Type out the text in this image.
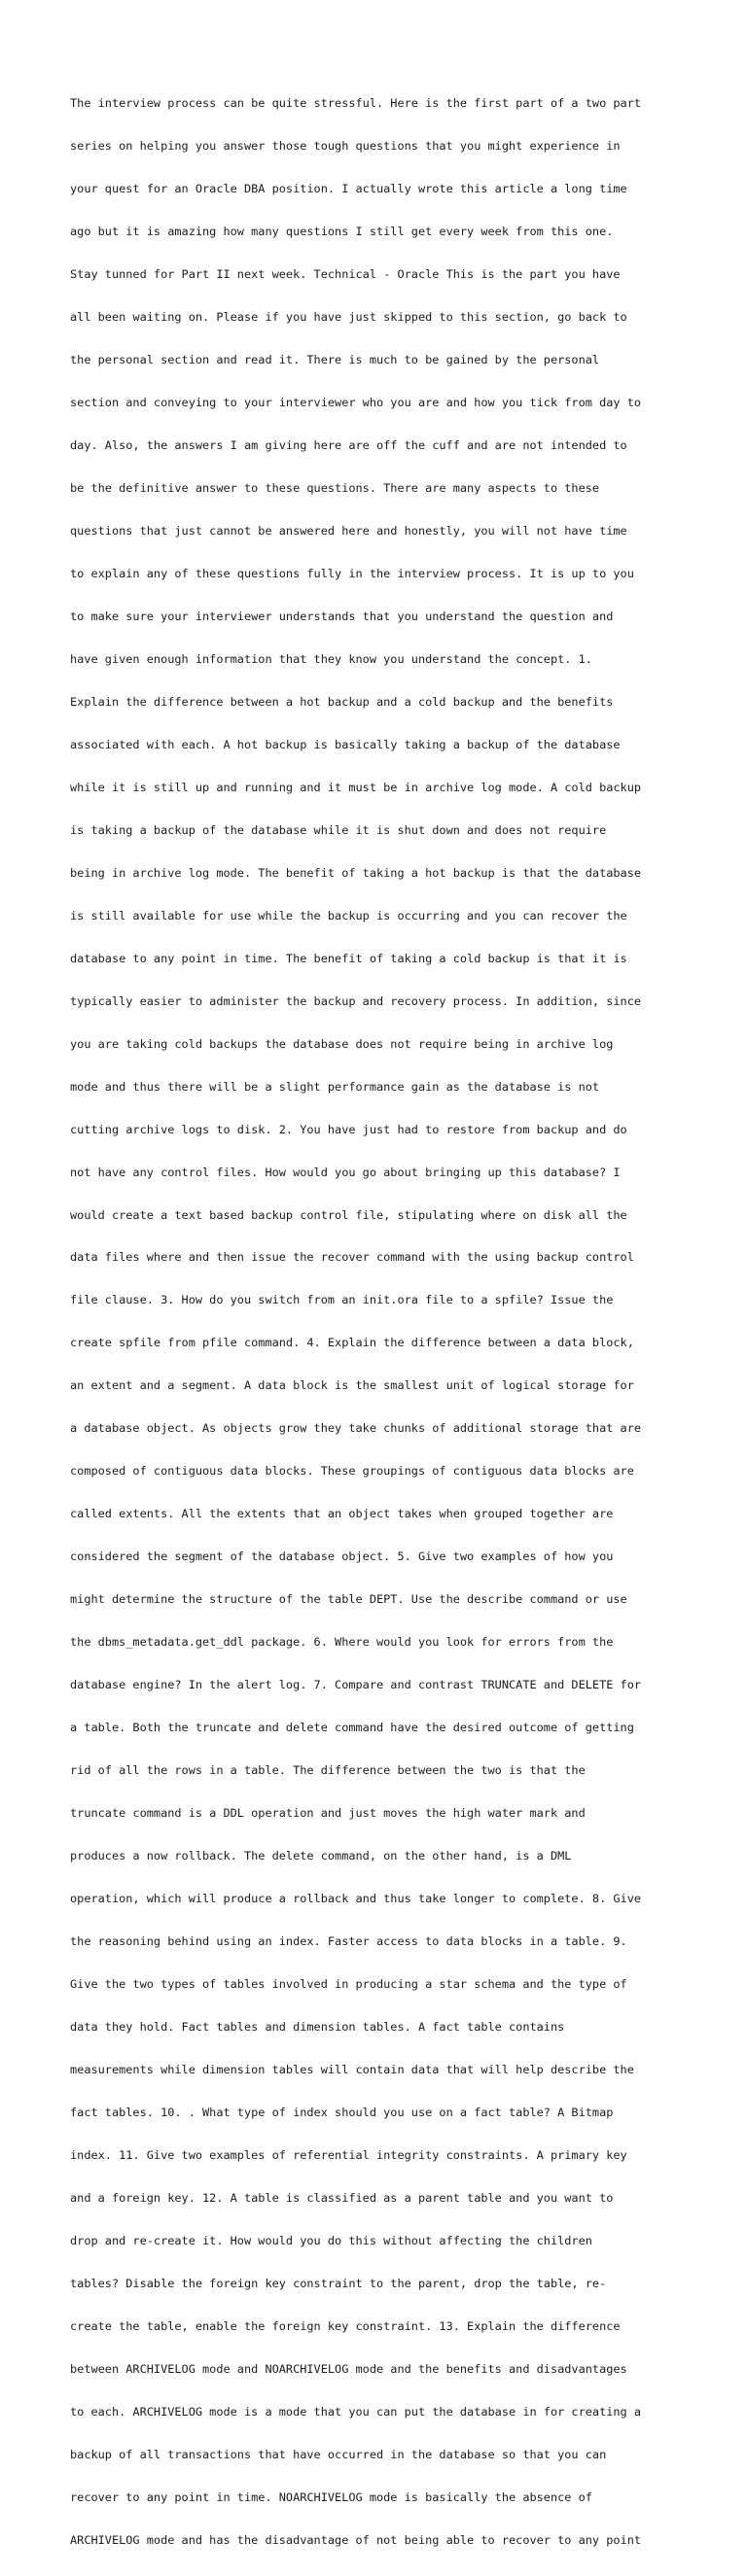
The interview process can be quite stressful. Here is the first part of a two part

series on helping you answer those tough questions that you might experience in

your quest for an Oracle DBA position. I actually wrote this article a long time

ago but it is amazing how many questions I still get every week from this one.

Stay tunned for Part II next week. Technical - Oracle This is the part you have

all been waiting on. Please if you have just skipped to this section, go back to

the personal section and read it. There is much to be gained by the personal

section and conveying to your interviewer who you are and how you tick from day to

day. Also, the answers I am giving here are off the cuff and are not intended to

be the definitive answer to these questions. There are many aspects to these

questions that just cannot be answered here and honestly, you will not have time

to explain any of these questions fully in the interview process. It is up to you

to make sure your interviewer understands that you understand the question and

have given enough information that they know you understand the concept. 1.

Explain the difference between a hot backup and a cold backup and the benefits

associated with each. A hot backup is basically taking a backup of the database

while it is still up and running and it must be in archive log mode. A cold backup

is taking a backup of the database while it is shut down and does not require

being in archive log mode. The benefit of taking a hot backup is that the database

is still available for use while the backup is occurring and you can recover the

database to any point in time. The benefit of taking a cold backup is that it is

typically easier to administer the backup and recovery process. In addition, since

you are taking cold backups the database does not require being in archive log

mode and thus there will be a slight performance gain as the database is not

cutting archive logs to disk. 2. You have just had to restore from backup and do

not have any control files. How would you go about bringing up this database? I

would create a text based backup control file, stipulating where on disk all the

data files where and then issue the recover command with the using backup control

file clause. 3. How do you switch from an init.ora file to a spfile? Issue the

create spfile from pfile command. 4. Explain the difference between a data block,

an extent and a segment. A data block is the smallest unit of logical storage for

a database object. As objects grow they take chunks of additional storage that are

composed of contiguous data blocks. These groupings of contiguous data blocks are

called extents. All the extents that an object takes when grouped together are

considered the segment of the database object. 5. Give two examples of how you

might determine the structure of the table DEPT. Use the describe command or use

the dbms_metadata.get_ddl package. 6. Where would you look for errors from the

database engine? In the alert log. 7. Compare and contrast TRUNCATE and DELETE for

a table. Both the truncate and delete command have the desired outcome of getting

rid of all the rows in a table. The difference between the two is that the

truncate command is a DDL operation and just moves the high water mark and

produces a now rollback. The delete command, on the other hand, is a DML

operation, which will produce a rollback and thus take longer to complete. 8. Give

the reasoning behind using an index. Faster access to data blocks in a table. 9.

Give the two types of tables involved in producing a star schema and the type of

data they hold. Fact tables and dimension tables. A fact table contains

measurements while dimension tables will contain data that will help describe the

fact tables. 10. . What type of index should you use on a fact table? A Bitmap

index. 11. Give two examples of referential integrity constraints. A primary key

and a foreign key. 12. A table is classified as a parent table and you want to

drop and re-create it. How would you do this without affecting the children

tables? Disable the foreign key constraint to the parent, drop the table, re-

create the table, enable the foreign key constraint. 13. Explain the difference

between ARCHIVELOG mode and NOARCHIVELOG mode and the benefits and disadvantages

to each. ARCHIVELOG mode is a mode that you can put the database in for creating a

backup of all transactions that have occurred in the database so that you can

recover to any point in time. NOARCHIVELOG mode is basically the absence of

ARCHIVELOG mode and has the disadvantage of not being able to recover to any point
